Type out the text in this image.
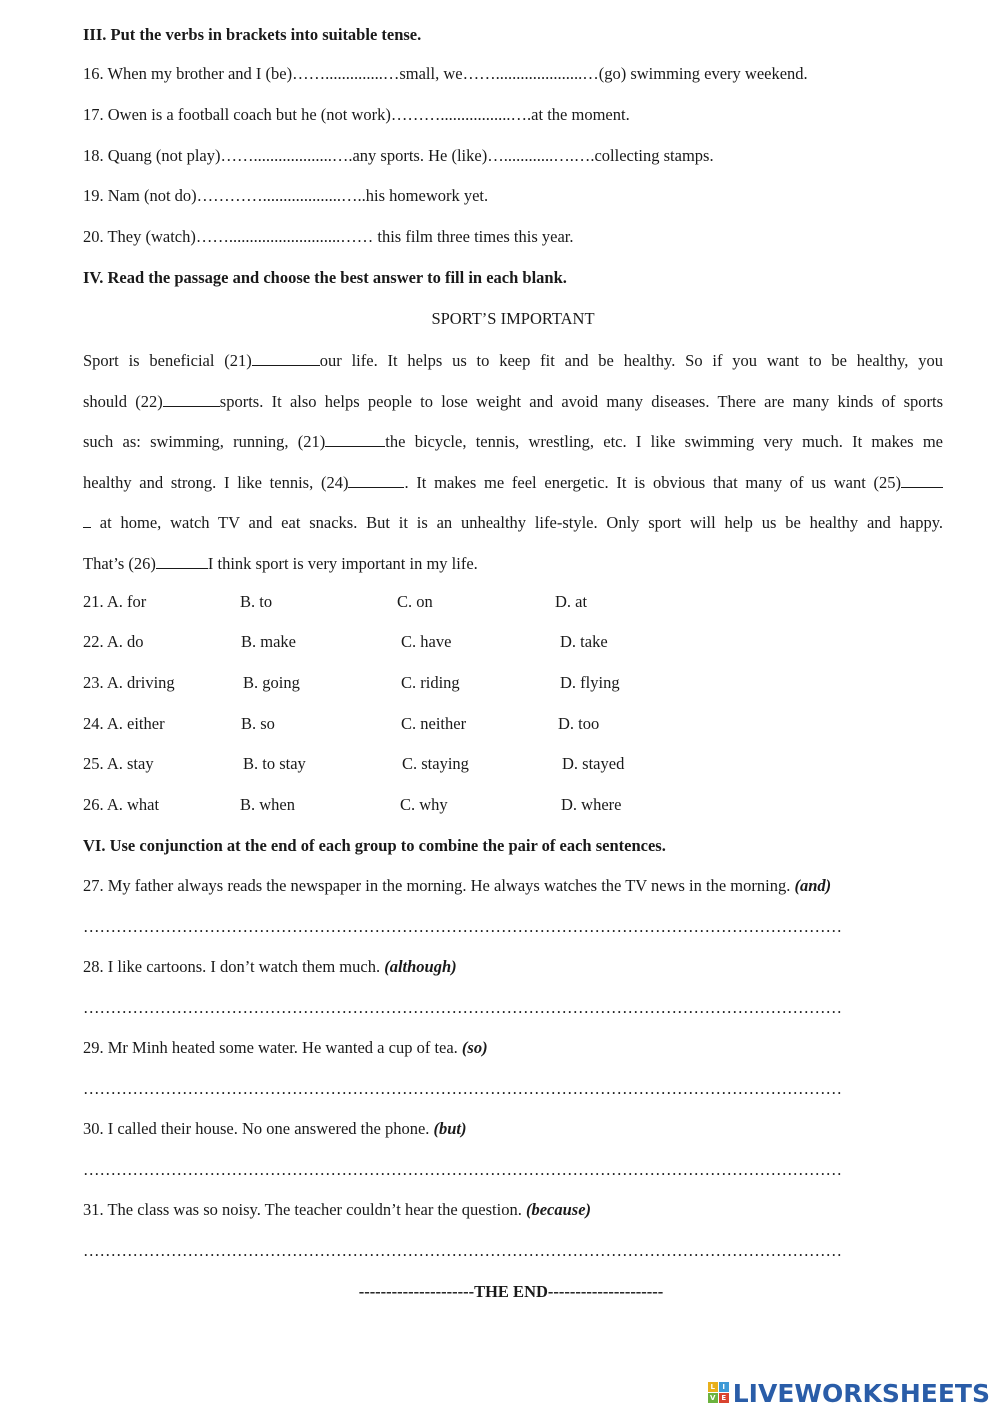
III. Put the verbs in brackets into suitable tense.
16. When my brother and I (be)……..............…small, we…….....................…(go) swimming every weekend.
17. Owen is a football coach but he (not work)……….................….at the moment.
18. Quang (not play)……...................….any sports. He (like)…............….….collecting stamps.
19. Nam (not do)…………...................…..his homework yet.
20. They (watch)……...........................…… this film three times this year.
IV. Read the passage and choose the best answer to fill in each blank.
SPORT’S IMPORTANT
Sport is beneficial (21)	our life. It helps us to keep fit and be healthy. So if you want to be healthy, you
should (22)	sports. It also helps people to lose weight and avoid many diseases. There are many kinds of sports
such as: swimming, running, (21)	the bicycle, tennis, wrestling, etc. I like swimming very much. It makes me
healthy and strong. I like tennis, (24)	. It makes me feel energetic. It is obvious that many of us want (25)
at home, watch TV and eat snacks. But it is an unhealthy life-style. Only sport will help us be healthy and happy.
That’s (26)	I think sport is very important in my life.
21. A. for	B. to	C. on	D. at
22. A. do	B. make	C. have	D. take
23. A. driving	B. going	C. riding	D. flying
24. A. either	B. so	C. neither	D. too
25. A. stay	B. to stay	C. staying	D. stayed
26. A. what	B. when	C. why	D. where
VI. Use conjunction at the end of each group to combine the pair of each sentences.
27. My father always reads the newspaper in the morning. He always watches the TV news in the morning. (and)
…………………………………………………………………………………………………………………………
28. I like cartoons. I don’t watch them much. (although)
…………………………………………………………………………………………………………………………
29. Mr Minh heated some water. He wanted a cup of tea. (so)
…………………………………………………………………………………………………………………………
30. I called their house. No one answered the phone. (but)
…………………………………………………………………………………………………………………………
31. The class was so noisy. The teacher couldn’t hear the question. (because)
…………………………………………………………………………………………………………………………
---------------------THE END---------------------
L	I
V E LIVEWORKSHEETS
